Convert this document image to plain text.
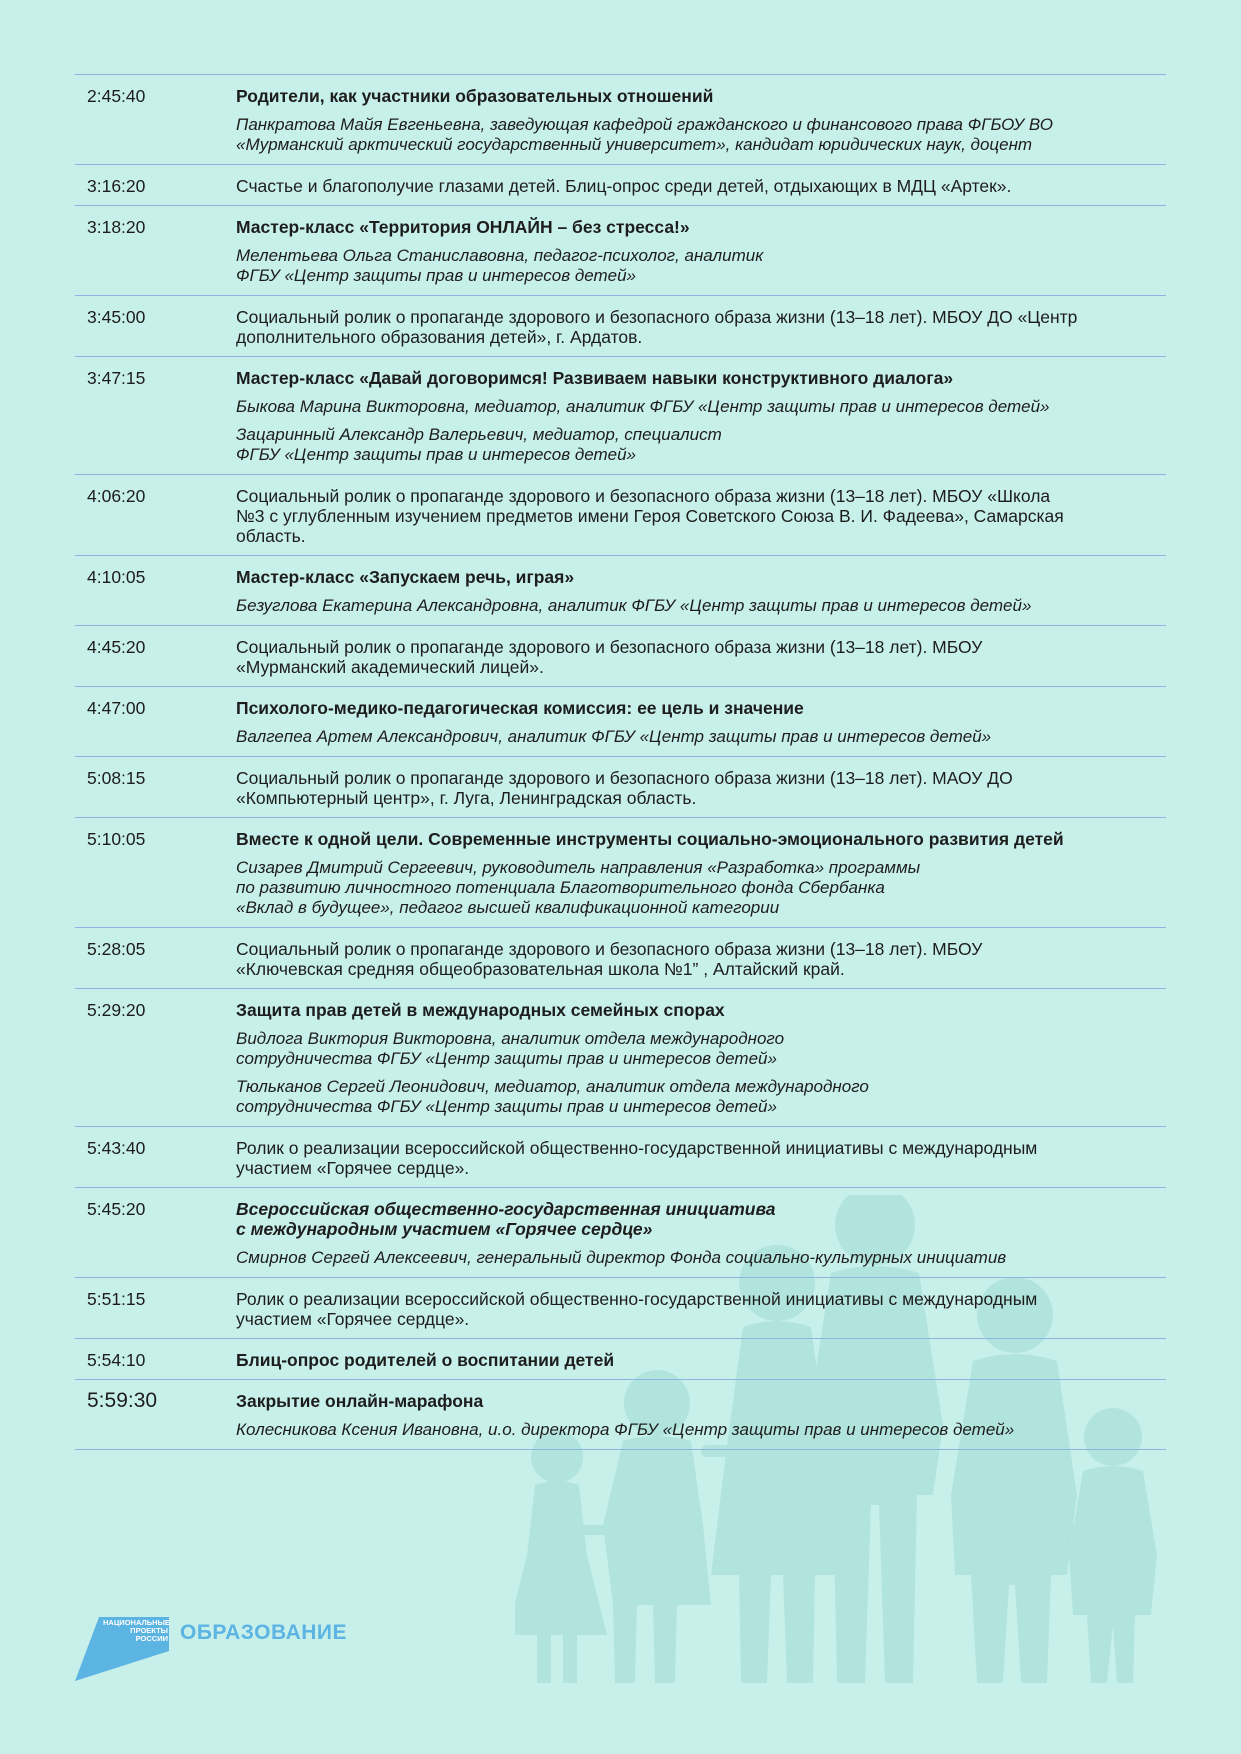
2:45:40	Родители, как участники образовательных отношений

Панкратова Майя Евгеньевна, заведующая кафедрой гражданского и финансового права ФГБОУ ВО
«Мурманский арктический государственный университет», кандидат юридических наук, доцент
3:16:20	Счастье и благополучие глазами детей. Блиц-опрос среди детей, отдыхающих в МДЦ «Артек».
3:18:20	Мастер-класс «Территория ОНЛАЙН – без стресса!»

Мелентьева Ольга Станиславовна, педагог-психолог, аналитик
ФГБУ «Центр защиты прав и интересов детей»
3:45:00	Социальный ролик о пропаганде здорового и безопасного образа жизни (13–18 лет). МБОУ ДО «Центр
дополнительного образования детей», г. Ардатов.
3:47:15	Мастер-класс «Давай договоримся! Развиваем навыки конструктивного диалога»

Быкова Марина Викторовна, медиатор, аналитик ФГБУ «Центр защиты прав и интересов детей»
Зацаринный Александр Валерьевич, медиатор, специалист
ФГБУ «Центр защиты прав и интересов детей»
4:06:20	Социальный ролик о пропаганде здорового и безопасного образа жизни (13–18 лет). МБОУ «Школа
№3 с углубленным изучением предметов имени Героя Советского Союза В. И. Фадеева», Самарская
область.
4:10:05	Мастер-класс «Запускаем речь, играя»

Безуглова Екатерина Александровна, аналитик ФГБУ «Центр защиты прав и интересов детей»
4:45:20	Социальный ролик о пропаганде здорового и безопасного образа жизни (13–18 лет). МБОУ
«Мурманский академический лицей».
4:47:00	Психолого-медико-педагогическая комиссия: ее цель и значение

Валгепеа Артем Александрович, аналитик ФГБУ «Центр защиты прав и интересов детей»
5:08:15	Социальный ролик о пропаганде здорового и безопасного образа жизни (13–18 лет). МАОУ ДО
«Компьютерный центр», г. Луга, Ленинградская область.
5:10:05	Вместе к одной цели. Современные инструменты социально-эмоционального развития детей

Сизарев Дмитрий Сергеевич, руководитель направления «Разработка» программы
по развитию личностного потенциала Благотворительного фонда Сбербанка
«Вклад в будущее», педагог высшей квалификационной категории
5:28:05	Социальный ролик о пропаганде здорового и безопасного образа жизни (13–18 лет). МБОУ
«Ключевская средняя общеобразовательная школа №1” , Алтайский край.
5:29:20	Защита прав детей в международных семейных спорах

Видлога Виктория Викторовна, аналитик отдела международного
сотрудничества ФГБУ «Центр защиты прав и интересов детей»
Тюльканов Сергей Леонидович, медиатор, аналитик отдела международного
сотрудничества ФГБУ «Центр защиты прав и интересов детей»
5:43:40	Ролик о реализации всероссийской общественно-государственной инициативы с международным
участием «Горячее сердце».
5:45:20	Всероссийская общественно-государственная инициатива

с международным участием «Горячее сердце»

Смирнов Сергей Алексеевич, генеральный директор Фонда социально-культурных инициатив
5:51:15	Ролик о реализации всероссийской общественно-государственной инициативы с международным
участием «Горячее сердце».
5:54:10	Блиц-опрос родителей о воспитании детей

5:59:30	Закрытие онлайн-марафона

Колесникова Ксения Ивановна, и.о. директора ФГБУ «Центр защиты прав и интересов детей»
НАЦИОНАЛЬНЫЕ
ПРОЕКТЫ
РОССИИ ОБРАЗОВАНИЕ
